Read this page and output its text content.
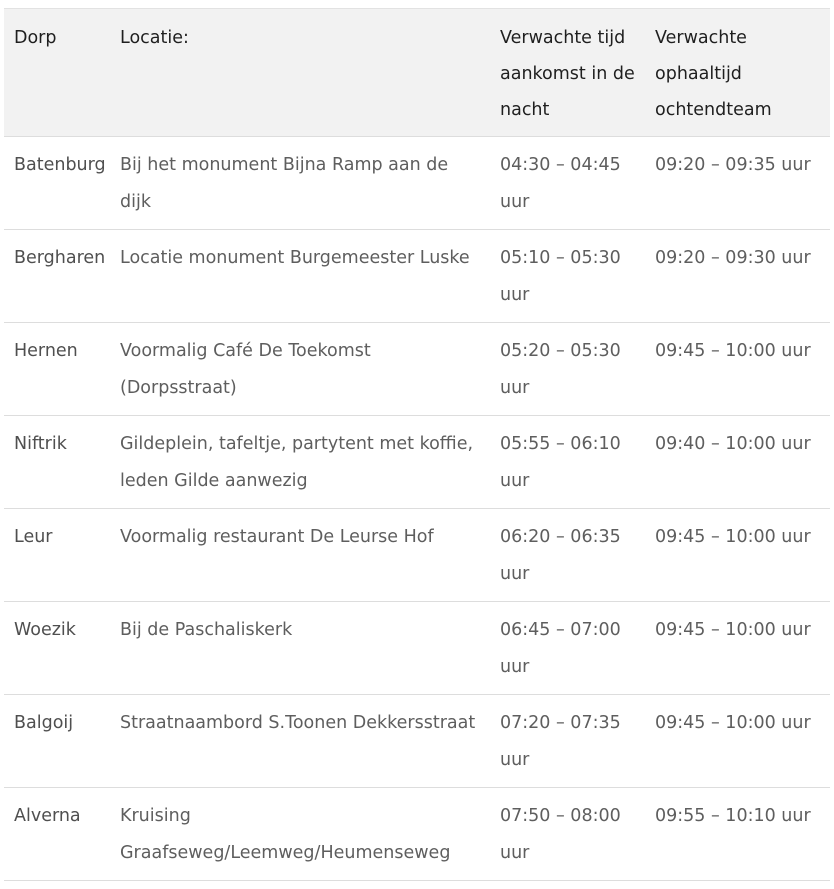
Dorp	Locatie:	Verwachte tijd aankomst in de nacht	Verwachte ophaaltijd ochtendteam
Batenburg	Bij het monument Bijna Ramp aan de dijk	04:30 – 04:45 uur	09:20 – 09:35 uur
Bergharen	Locatie monument Burgemeester Luske	05:10 – 05:30 uur	09:20 – 09:30 uur
Hernen	Voormalig Café De Toekomst (Dorpsstraat)	05:20 – 05:30 uur	09:45 – 10:00 uur
Niftrik	Gildeplein, tafeltje, partytent met koffie, leden Gilde aanwezig	05:55 – 06:10 uur	09:40 – 10:00 uur
Leur	Voormalig restaurant De Leurse Hof	06:20 – 06:35 uur	09:45 – 10:00 uur
Woezik	Bij de Paschaliskerk	06:45 – 07:00 uur	09:45 – 10:00 uur
Balgoij	Straatnaambord S.Toonen Dekkersstraat	07:20 – 07:35 uur	09:45 – 10:00 uur
Alverna	Kruising Graafseweg/Leemweg/Heumenseweg	07:50 – 08:00 uur	09:55 – 10:10 uur
